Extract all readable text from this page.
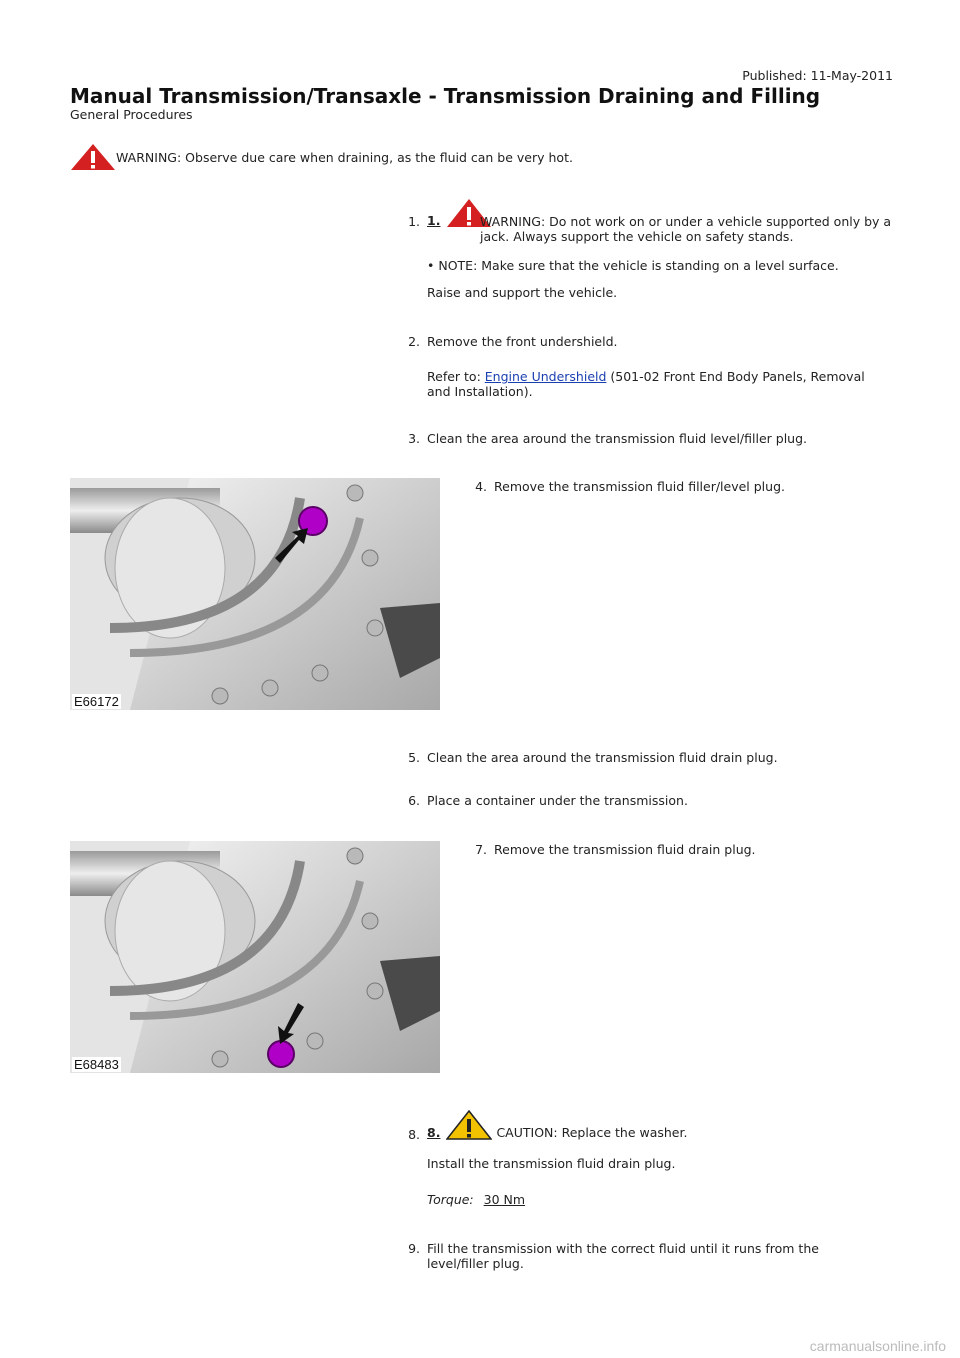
Published: 11-May-2011
Manual Transmission/Transaxle - Transmission Draining and Filling
General Procedures
WARNING: Observe due care when draining, as the fluid can be very hot.
1. 1.	WARNING: Do not work on or under a vehicle supported only by a jack. Always support the vehicle on safety stands.
• NOTE: Make sure that the vehicle is standing on a level surface.
Raise and support the vehicle.
2. Remove the front undershield.
Refer to: Engine Undershield (501-02 Front End Body Panels, Removal and Installation).
3. Clean the area around the transmission fluid level/filler plug.
E66172
4. Remove the transmission fluid filler/level plug.
5. Clean the area around the transmission fluid drain plug.
6. Place a container under the transmission.
E68483
7. Remove the transmission fluid drain plug.
8. 8.	CAUTION: Replace the washer.
Install the transmission fluid drain plug.
Torque: 30 Nm
9. Fill the transmission with the correct fluid until it runs from the level/filler plug.
carmanualsonline.info
